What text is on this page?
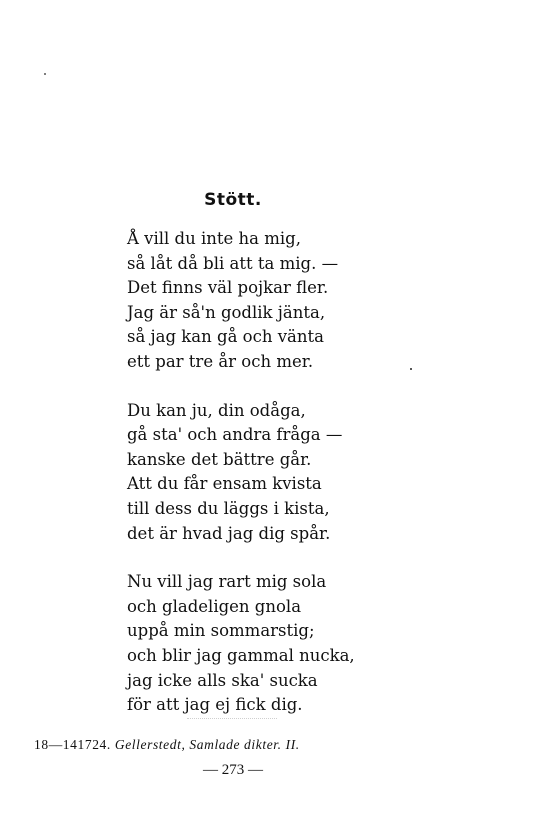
Stött.
Å vill du inte ha mig,
så låt då bli att ta mig. —
Det finns väl pojkar fler.
Jag är så'n godlik jänta,
så jag kan gå och vänta
ett par tre år och mer.
Du kan ju, din odåga,
gå sta' och andra fråga —
kanske det bättre går.
Att du får ensam kvista
till dess du läggs i kista,
det är hvad jag dig spår.
Nu vill jag rart mig sola
och gladeligen gnola
uppå min sommarstig;
och blir jag gammal nucka,
jag icke alls ska' sucka
för att jag ej fick dig.
18—141724. Gellerstedt, Samlade dikter. II.
— 273 —
